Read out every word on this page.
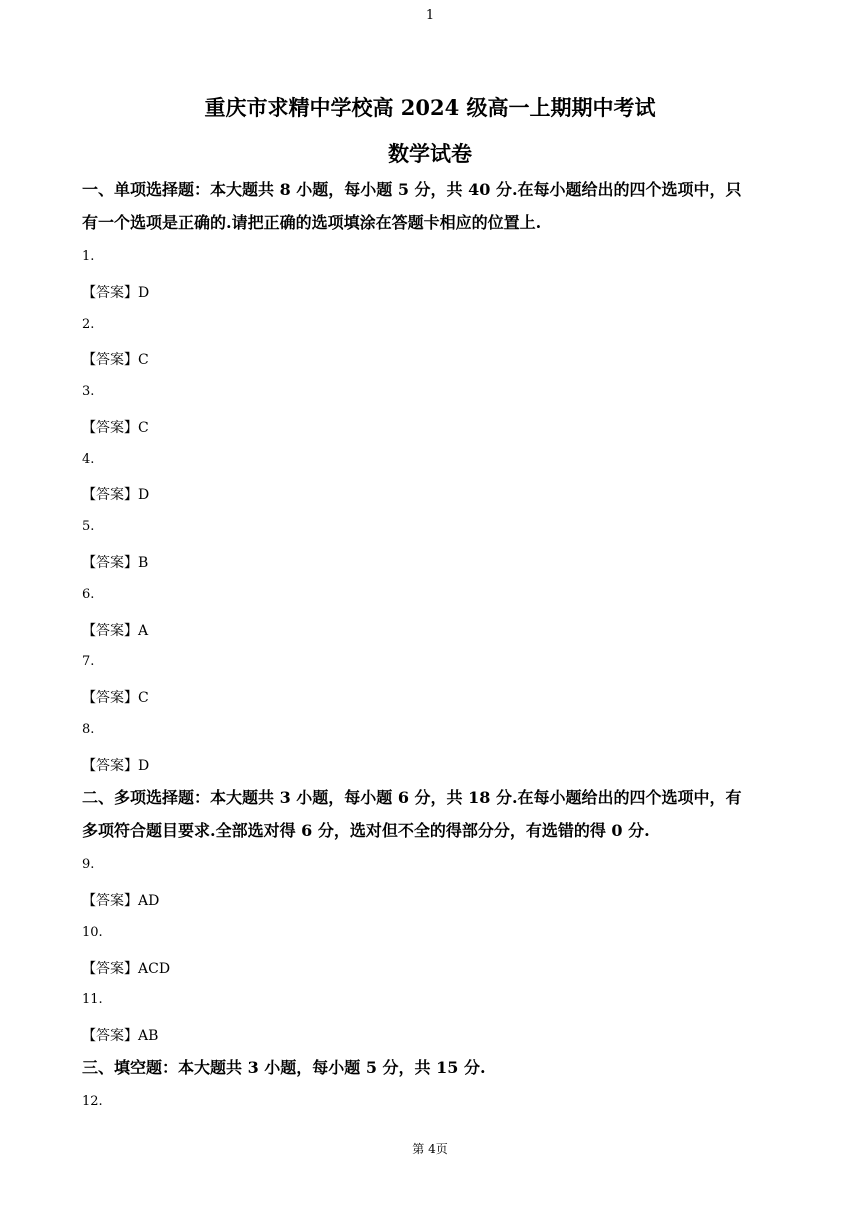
1
重庆市求精中学校高 2024 级高一上期期中考试
数学试卷
一、单项选择题：本大题共 8 小题，每小题 5 分，共 40 分.在每小题给出的四个选项中，只
有一个选项是正确的.请把正确的选项填涂在答题卡相应的位置上.
1.
【答案】D
2.
【答案】C
3.
【答案】C
4.
【答案】D
5.
【答案】B
6.
【答案】A
7.
【答案】C
8.
【答案】D
二、多项选择题：本大题共 3 小题，每小题 6 分，共 18 分.在每小题给出的四个选项中，有
多项符合题目要求.全部选对得 6 分，选对但不全的得部分分，有选错的得 0 分.
9.
【答案】AD
10.
【答案】ACD
11.
【答案】AB
三、填空题：本大题共 3 小题，每小题 5 分，共 15 分.
12.
第 4页
